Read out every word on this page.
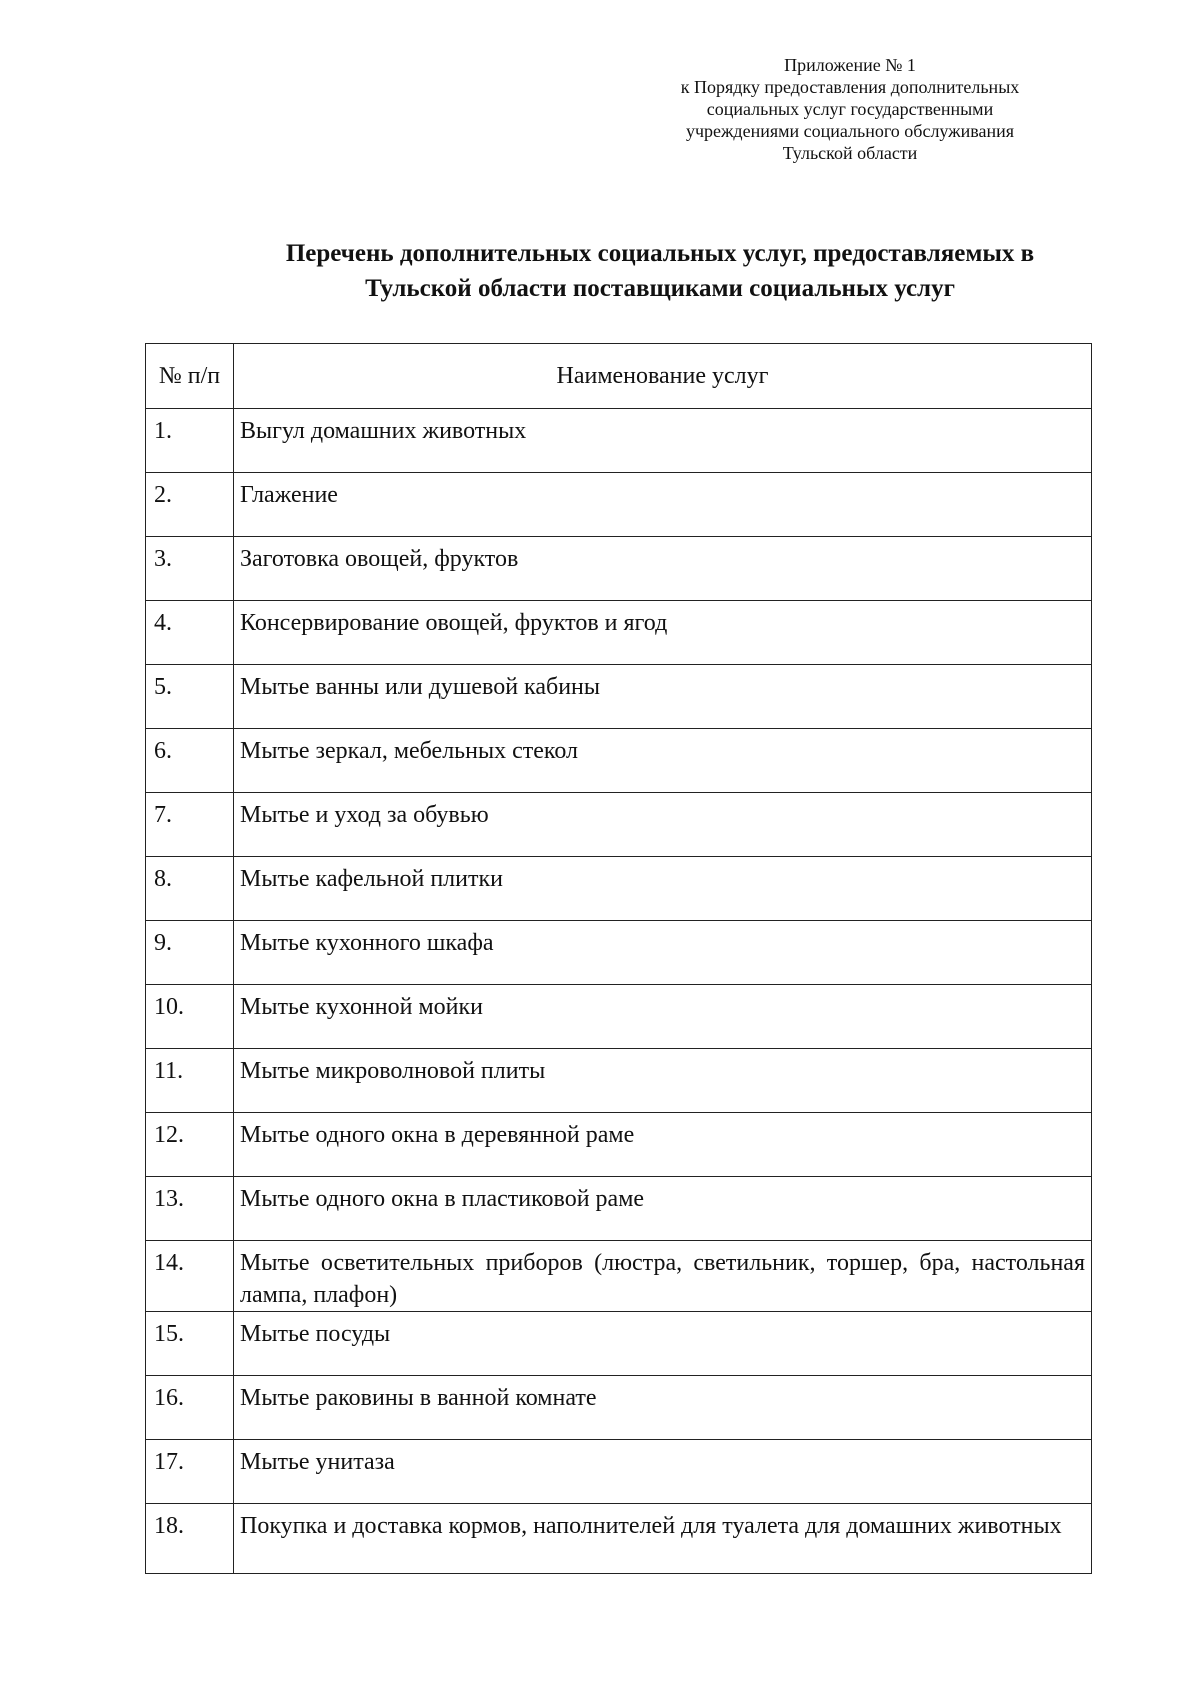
Приложение № 1
к Порядку предоставления дополнительных
социальных услуг государственными
учреждениями социального обслуживания
Тульской области
Перечень дополнительных социальных услуг, предоставляемых в
Тульской области поставщиками социальных услуг
№ п/п	Наименование услуг
1.	Выгул домашних животных
2.	Глажение
3.	Заготовка овощей, фруктов
4.	Консервирование овощей, фруктов и ягод
5.	Мытье ванны или душевой кабины
6.	Мытье зеркал, мебельных стекол
7.	Мытье и уход за обувью
8.	Мытье кафельной плитки
9.	Мытье кухонного шкафа
10.	Мытье кухонной мойки
11.	Мытье микроволновой плиты
12.	Мытье одного окна в деревянной раме
13.	Мытье одного окна в пластиковой раме
14.	Мытье осветительных приборов (люстра, светильник, торшер, бра, настольная лампа, плафон)
15.	Мытье посуды
16.	Мытье раковины в ванной комнате
17.	Мытье унитаза
18.	Покупка и доставка кормов, наполнителей для туалета для домашних животных
